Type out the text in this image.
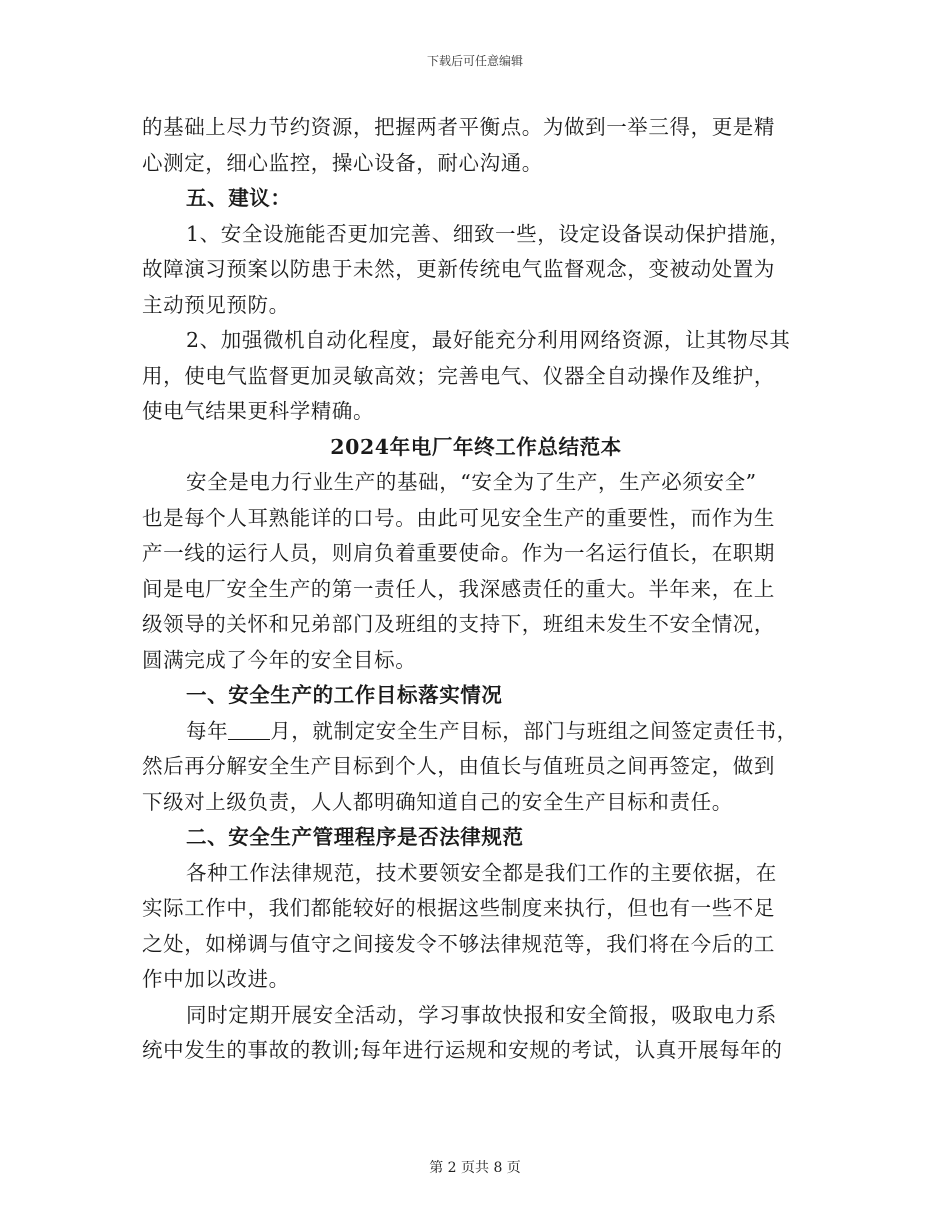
下载后可任意编辑
的基础上尽力节约资源，把握两者平衡点。为做到一举三得，更是精
心测定，细心监控，操心设备，耐心沟通。
五、建议：
1、安全设施能否更加完善、细致一些，设定设备误动保护措施，
故障演习预案以防患于未然，更新传统电气监督观念，变被动处置为
主动预见预防。
2、加强微机自动化程度，最好能充分利用网络资源，让其物尽其
用，使电气监督更加灵敏高效；完善电气、仪器全自动操作及维护，
使电气结果更科学精确。
2024年电厂年终工作总结范本
安全是电力行业生产的基础，“安全为了生产，生产必须安全”
也是每个人耳熟能详的口号。由此可见安全生产的重要性，而作为生
产一线的运行人员，则肩负着重要使命。作为一名运行值长，在职期
间是电厂安全生产的第一责任人，我深感责任的重大。半年来，在上
级领导的关怀和兄弟部门及班组的支持下，班组未发生不安全情况，
圆满完成了今年的安全目标。
一、安全生产的工作目标落实情况
每年 月，就制定安全生产目标，部门与班组之间签定责任书，
然后再分解安全生产目标到个人，由值长与值班员之间再签定，做到
下级对上级负责，人人都明确知道自己的安全生产目标和责任。
二、安全生产管理程序是否法律规范
各种工作法律规范，技术要领安全都是我们工作的主要依据，在
实际工作中，我们都能较好的根据这些制度来执行，但也有一些不足
之处，如梯调与值守之间接发令不够法律规范等，我们将在今后的工
作中加以改进。
同时定期开展安全活动，学习事故快报和安全简报，吸取电力系
统中发生的事故的教训;每年进行运规和安规的考试，认真开展每年的
第 2 页共 8 页
